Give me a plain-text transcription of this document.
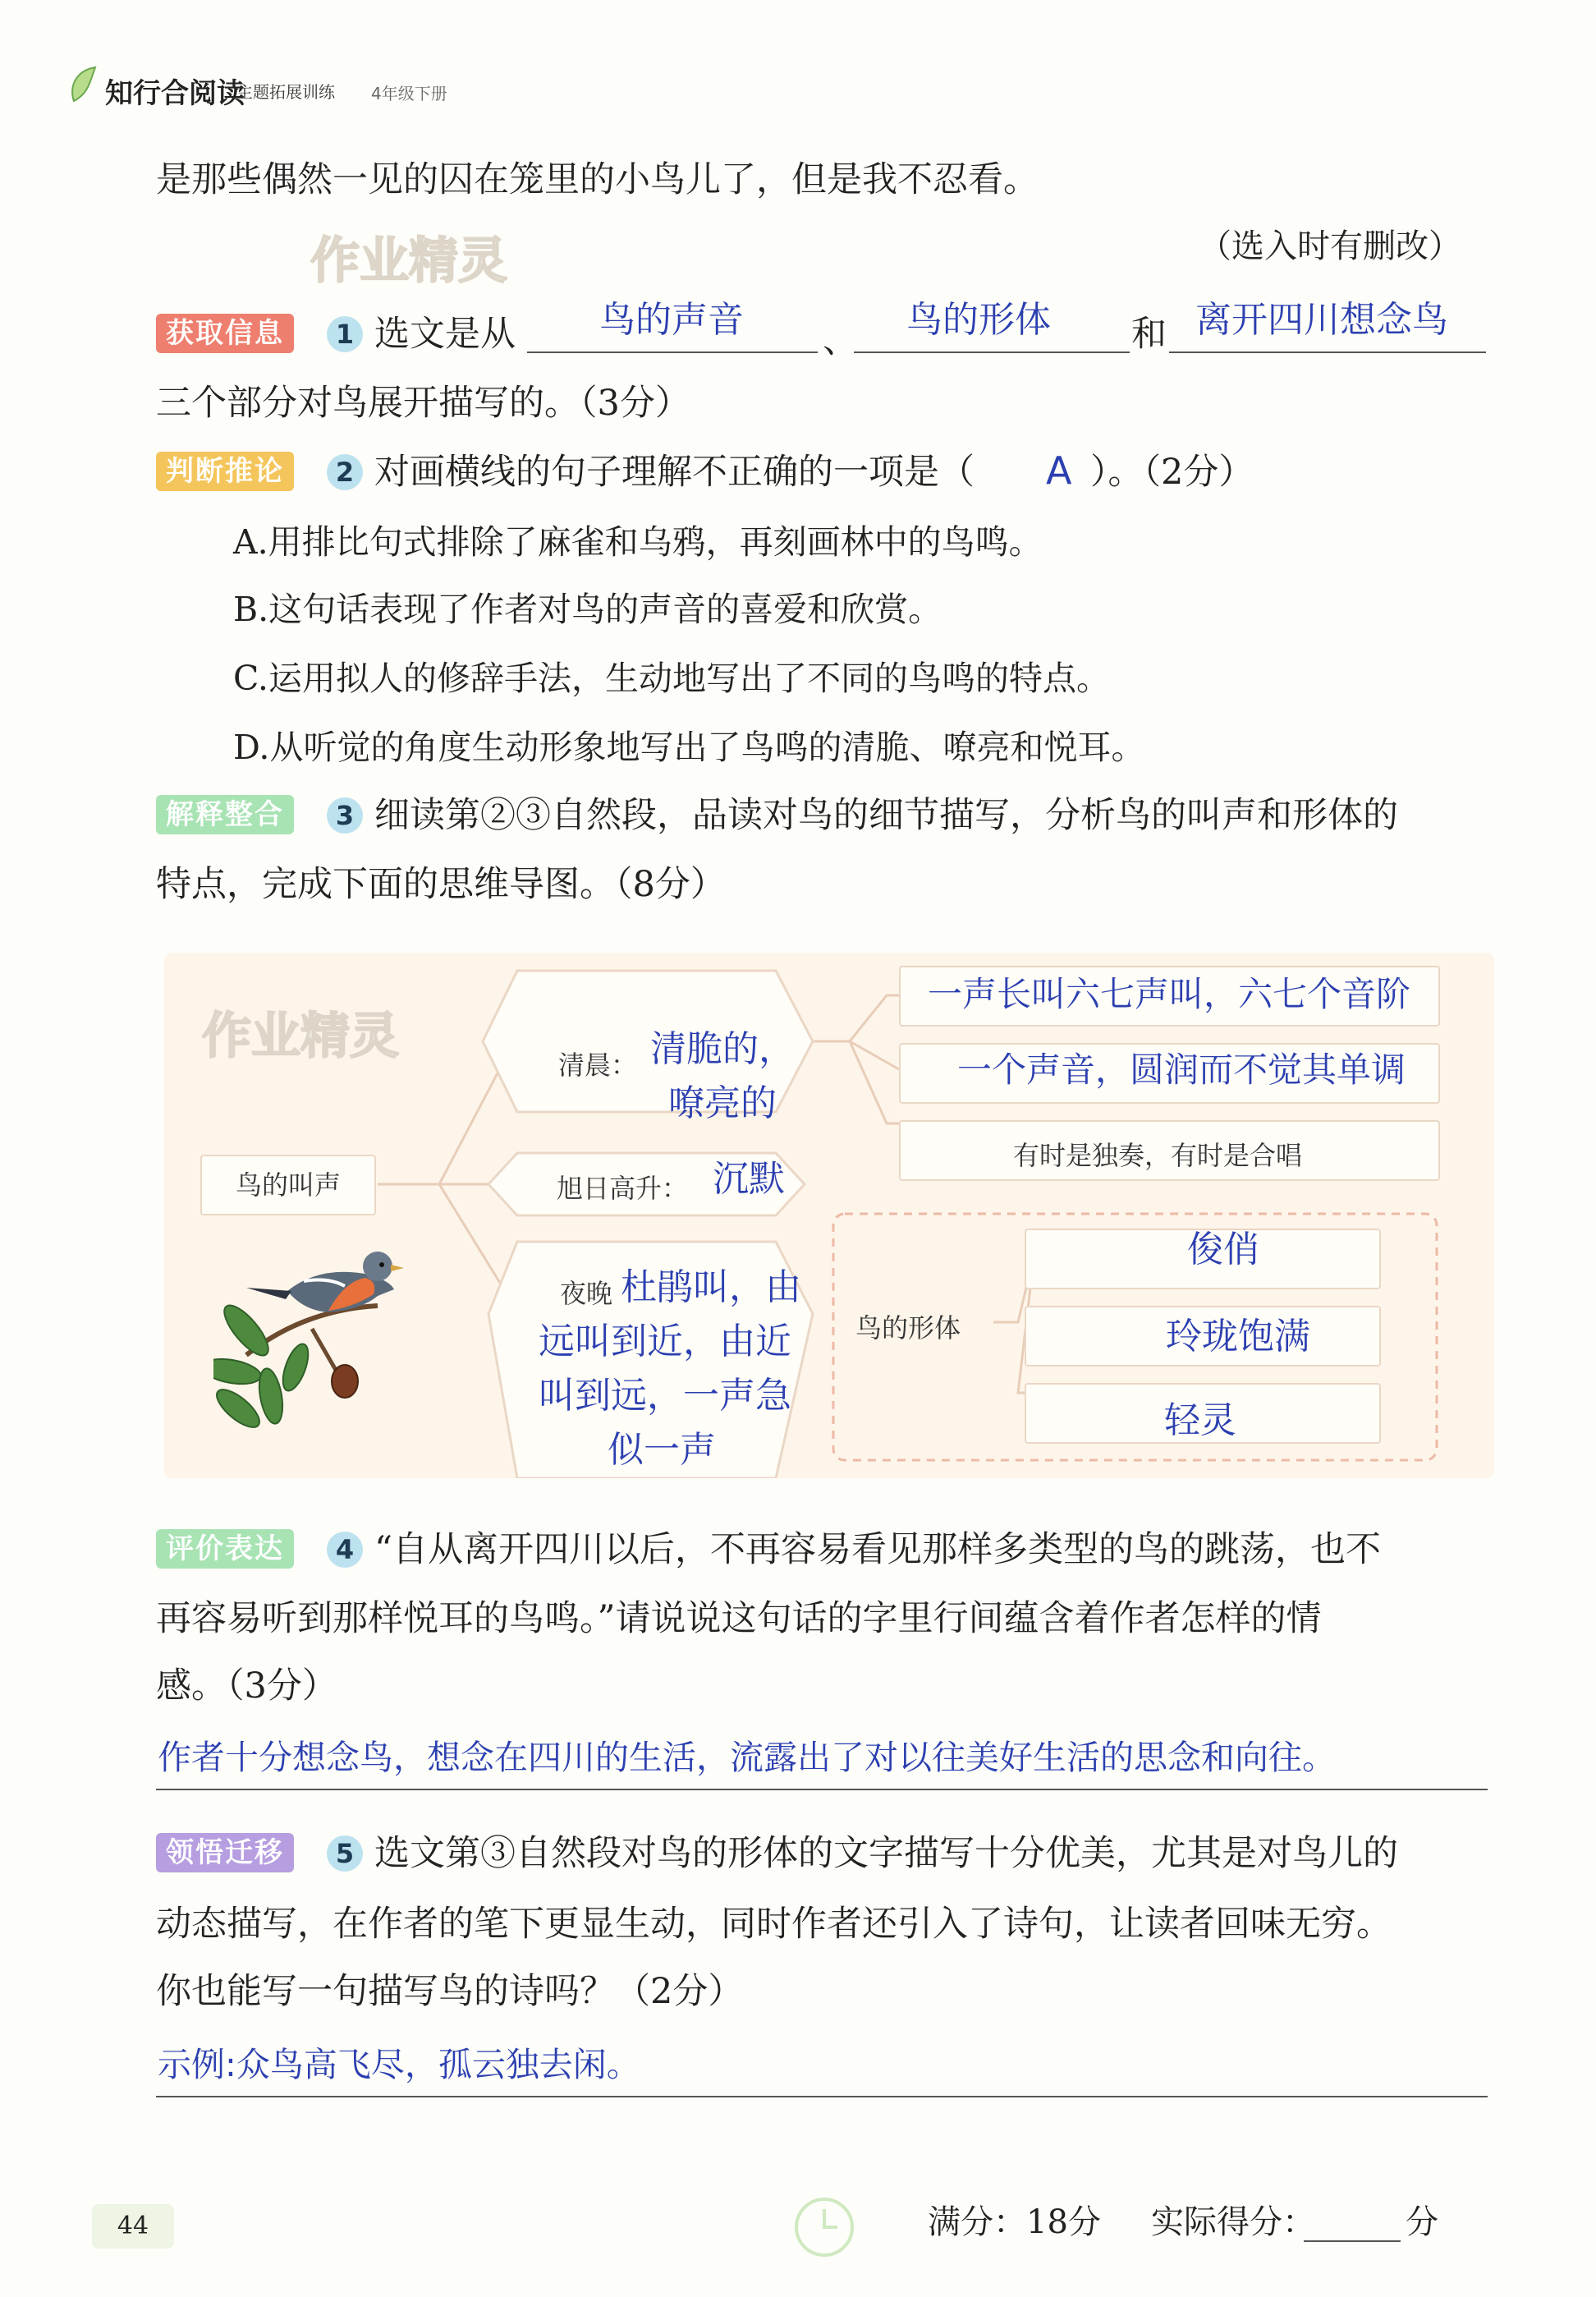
知行合阅读
主题拓展训练 4年级下册
是那些偶然一见的囚在笼里的小鸟儿了，但是我不忍看。
作业精灵	（选入时有删改）
获取信息	1 选文是从 鸟的声音 、 鸟的形体 和 离开四川想念鸟
三个部分对鸟展开描写的。（3分）
判断推论	2 对画横线的句子理解不正确的一项是（ A ）。（2分）
A.用排比句式排除了麻雀和乌鸦，再刻画林中的鸟鸣。
B.这句话表现了作者对鸟的声音的喜爱和欣赏。
C.运用拟人的修辞手法，生动地写出了不同的鸟鸣的特点。
D.从听觉的角度生动形象地写出了鸟鸣的清脆、嘹亮和悦耳。
解释整合	3 细读第②③自然段，品读对鸟的细节描写，分析鸟的叫声和形体的
特点，完成下面的思维导图。（8分）
作业精灵
鸟的叫声
清晨： 清脆的，
嘹亮的
旭日高升： 沉默
夜晚 杜鹃叫，由
远叫到近，由近
叫到远，一声急
似一声
一声长叫六七声叫，六七个音阶
一个声音，圆润而不觉其单调
有时是独奏，有时是合唱
鸟的形体
俊俏
玲珑饱满
轻灵
评价表达	4 “自从离开四川以后，不再容易看见那样多类型的鸟的跳荡，也不
再容易听到那样悦耳的鸟鸣。”请说说这句话的字里行间蕴含着作者怎样的情
感。（3分）
作者十分想念鸟，想念在四川的生活，流露出了对以往美好生活的思念和向往。
领悟迁移	5 选文第③自然段对鸟的形体的文字描写十分优美，尤其是对鸟儿的
动态描写，在作者的笔下更显生动，同时作者还引入了诗句，让读者回味无穷。
你也能写一句描写鸟的诗吗？（2分）
示例:众鸟高飞尽，孤云独去闲。
44	满分：18分 实际得分：	分
